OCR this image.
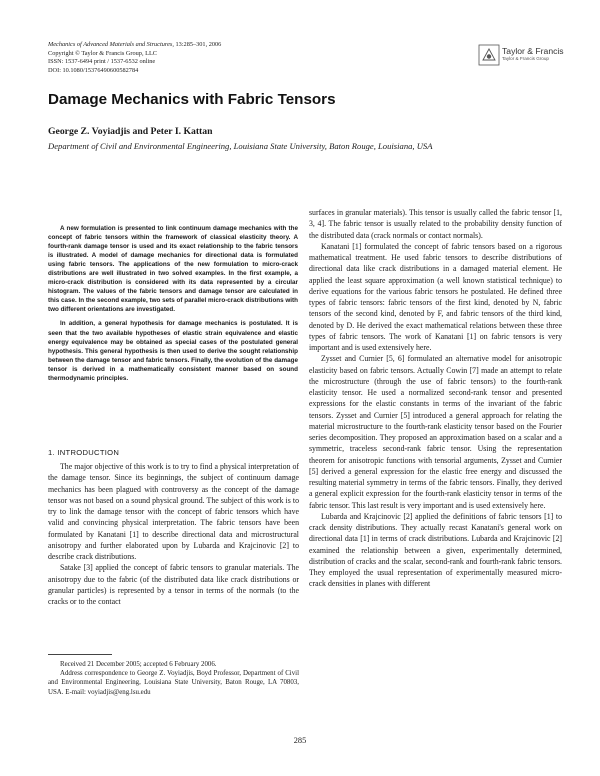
Mechanics of Advanced Materials and Structures, 13:285–301, 2006
Copyright © Taylor & Francis Group, LLC
ISSN: 1537-6494 print / 1537-6532 online
DOI: 10.1080/15376490600582784
Taylor & Francis
Taylor & Francis Group
Damage Mechanics with Fabric Tensors
George Z. Voyiadjis and Peter I. Kattan
Department of Civil and Environmental Engineering, Louisiana State University, Baton Rouge, Louisiana, USA

A new formulation is presented to link continuum damage mechanics with the concept of fabric tensors within the framework of classical elasticity theory. A fourth-rank damage tensor is used and its exact relationship to the fabric tensors is illustrated. A model of damage mechanics for directional data is formulated using fabric tensors. The applications of the new formulation to micro-crack distributions are well illustrated in two solved examples. In the first example, a micro-crack distribution is considered with its data represented by a circular histogram. The values of the fabric tensors and damage tensor are calculated in this case. In the second example, two sets of parallel micro-crack distributions with two different orientations are investigated.

In addition, a general hypothesis for damage mechanics is postulated. It is seen that the two available hypotheses of elastic strain equivalence and elastic energy equivalence may be obtained as special cases of the postulated general hypothesis. This general hypothesis is then used to derive the sought relationship between the damage tensor and fabric tensors. Finally, the evolution of the damage tensor is derived in a mathematically consistent manner based on sound thermodynamic principles.

1. INTRODUCTION

The major objective of this work is to try to find a physical interpretation of the damage tensor. Since its beginnings, the subject of continuum damage mechanics has been plagued with controversy as the concept of the damage tensor was not based on a sound physical ground. The subject of this work is to try to link the damage tensor with the concept of fabric tensors which have valid and convincing physical interpretation. The fabric tensors have been formulated by Kanatani [1] to describe directional data and microstructural anisotropy and further elaborated upon by Lubarda and Krajcinovic [2] to describe crack distributions.

Satake [3] applied the concept of fabric tensors to granular materials. The anisotropy due to the fabric (of the distributed data like crack distributions or granular particles) is represented by a tensor in terms of the normals (to the cracks or to the contact

surfaces in granular materials). This tensor is usually called the fabric tensor [1, 3, 4]. The fabric tensor is usually related to the probability density function of the distributed data (crack normals or contact normals).

Kanatani [1] formulated the concept of fabric tensors based on a rigorous mathematical treatment. He used fabric tensors to describe distributions of directional data like crack distributions in a damaged material element. He applied the least square approximation (a well known statistical technique) to derive equations for the various fabric tensors he postulated. He defined three types of fabric tensors: fabric tensors of the first kind, denoted by N, fabric tensors of the second kind, denoted by F, and fabric tensors of the third kind, denoted by D. He derived the exact mathematical relations between these three types of fabric tensors. The work of Kanatani [1] on fabric tensors is very important and is used extensively here.

Zysset and Curnier [5, 6] formulated an alternative model for anisotropic elasticity based on fabric tensors. Actually Cowin [7] made an attempt to relate the microstructure (through the use of fabric tensors) to the fourth-rank elasticity tensor. He used a normalized second-rank tensor and presented expressions for the elastic constants in terms of the invariant of the fabric tensors. Zysset and Curnier [5] introduced a general approach for relating the material microstructure to the fourth-rank elasticity tensor based on the Fourier series decomposition. They proposed an approximation based on a scalar and a symmetric, traceless second-rank fabric tensor. Using the representation theorem for anisotropic functions with tensorial arguments, Zysset and Curnier [5] derived a general expression for the elastic free energy and discussed the resulting material symmetry in terms of the fabric tensors. Finally, they derived a general explicit expression for the fourth-rank elasticity tensor in terms of the fabric tensor. This last result is very important and is used extensively here.

Lubarda and Krajcinovic [2] applied the definitions of fabric tensors [1] to crack density distributions. They actually recast Kanatani's general work on directional data [1] in terms of crack distributions. Lubarda and Krajcinovic [2] examined the relationship between a given, experimentally determined, distribution of cracks and the scalar, second-rank and fourth-rank fabric tensors. They employed the usual representation of experimentally measured micro-crack densities in planes with different

Received 21 December 2005; accepted 6 February 2006.

Address correspondence to George Z. Voyiadjis, Boyd Professor, Department of Civil and Environmental Engineering, Louisiana State University, Baton Rouge, LA 70803, USA. E-mail: voyiadjis@eng.lsu.edu

285
